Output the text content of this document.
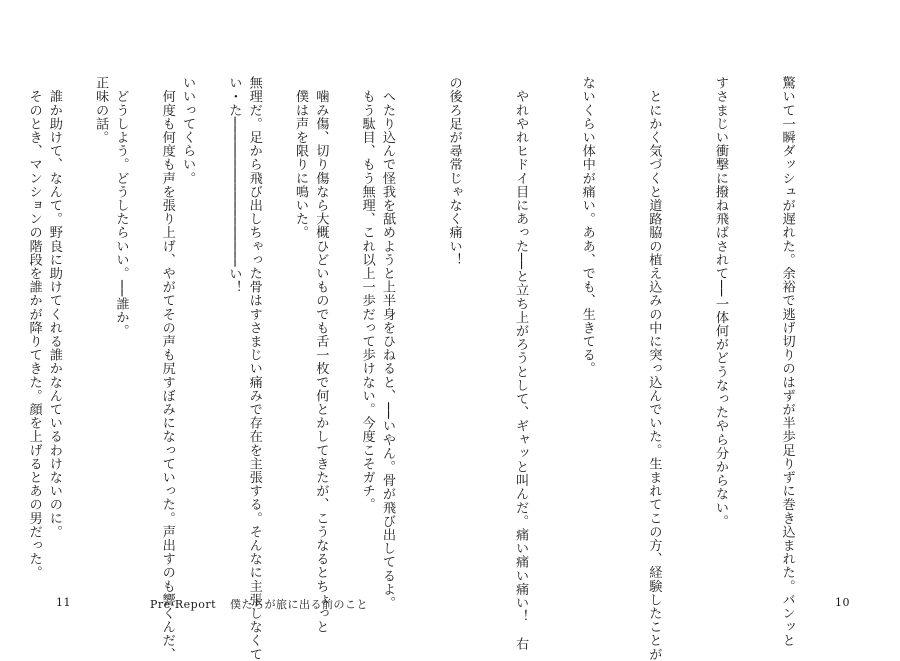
驚いて一瞬ダッシュが遅れた。余裕で逃げ切りのはずが半歩足りずに巻き込まれた。バンッと

すさまじい衝撃に撥ね飛ばされて──一体何がどうなったやら分からない。

　とにかく気づくと道路脇の植え込みの中に突っ込んでいた。生まれてこの方、経験したことが

ないくらい体中が痛い。ああ、でも、生きてる。

　やれやれヒドイ目にあった──と立ち上がろうとして、ギャッと叫んだ。痛い痛い痛い！　右

の後ろ足が尋常じゃなく痛い！

　へたり込んで怪我を舐めようと上半身をひねると、──いやん。骨が飛び出してるよ。

　噛み傷、切り傷なら大概ひどいものでも舌一枚で何とかしてきたが、こうなるとちょっと

無理だ。足から飛び出しちゃった骨はすさまじい痛みで存在を主張する。そんなに主張しなくて

いいってくらい。

　どうしよう。どうしたらいい。──誰か。

　誰か助けて、なんて。野良に助けてくれる誰かなんているわけないのに。

10

　もう駄目、もう無理、これ以上一歩だって歩けない。今度こそガチ。

　僕は声を限りに鳴いた。

い・た──────────────────い！

　何度も何度も声を張り上げ、やがてその声も尻すぼみになっていった。声出すのも響くんだ、

正味の話。

　そのとき、マンションの階段を誰かが降りてきた。顔を上げるとあの男だった。

11	Pre-Report 僕たちが旅に出る前のこと
